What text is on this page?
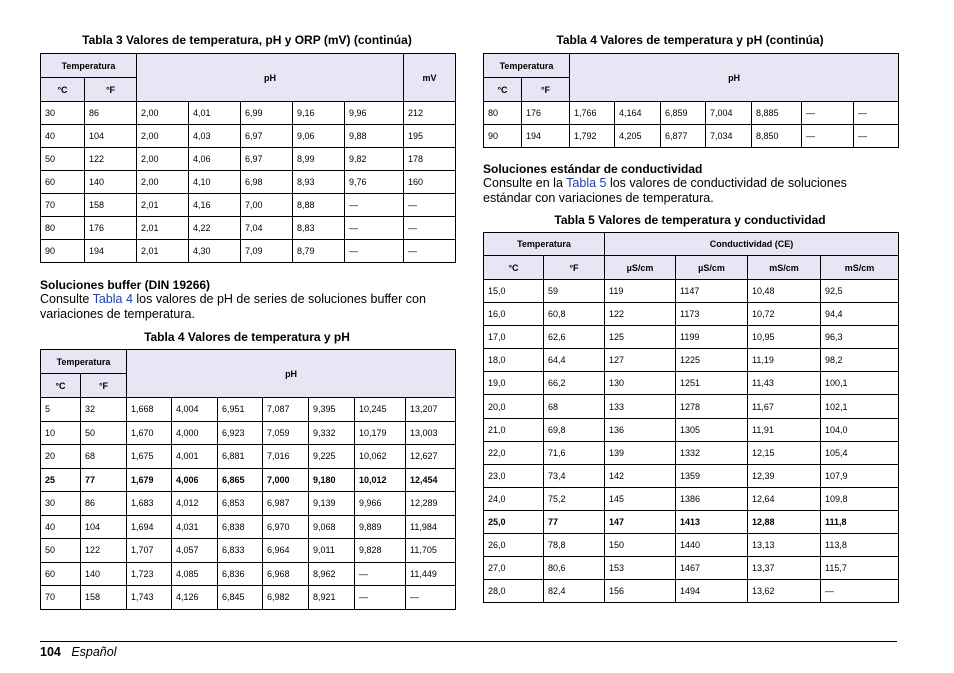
Tabla 3 Valores de temperatura, pH y ORP (mV) (continúa)
Temperatura		pH					mV
°C	°F						
30	86	2,00	4,01	6,99	9,16	9,96	212
40	104	2,00	4,03	6,97	9,06	9,88	195
50	122	2,00	4,06	6,97	8,99	9,82	178
60	140	2,00	4,10	6,98	8,93	9,76	160
70	158	2,01	4,16	7,00	8,88	—	—
80	176	2,01	4,22	7,04	8,83	—	—
90	194	2,01	4,30	7,09	8,79	—	—
Soluciones buffer (DIN 19266)
Consulte Tabla 4 los valores de pH de series de soluciones buffer con variaciones de temperatura.
Tabla 4 Valores de temperatura y pH
Temperatura		pH						
°C	°F							
5	32	1,668	4,004	6,951	7,087	9,395	10,245	13,207
10	50	1,670	4,000	6,923	7,059	9,332	10,179	13,003
20	68	1,675	4,001	6,881	7,016	9,225	10,062	12,627
25	77	1,679	4,006	6,865	7,000	9,180	10,012	12,454
30	86	1,683	4,012	6,853	6,987	9,139	9,966	12,289
40	104	1,694	4,031	6,838	6,970	9,068	9,889	11,984
50	122	1,707	4,057	6,833	6,964	9,011	9,828	11,705
60	140	1,723	4,085	6,836	6,968	8,962	—	11,449
70	158	1,743	4,126	6,845	6,982	8,921	—	—
Tabla 4 Valores de temperatura y pH (continúa)
Temperatura		pH						
°C	°F							
80	176	1,766	4,164	6,859	7,004	8,885	—	—
90	194	1,792	4,205	6,877	7,034	8,850	—	—
Soluciones estándar de conductividad
Consulte en la Tabla 5 los valores de conductividad de soluciones estándar con variaciones de temperatura.
Tabla 5 Valores de temperatura y conductividad
Temperatura		Conductividad (CE)			
°C	°F	µS/cm	µS/cm	mS/cm	mS/cm
15,0	59	119	1147	10,48	92,5
16,0	60,8	122	1173	10,72	94,4
17,0	62,6	125	1199	10,95	96,3
18,0	64,4	127	1225	11,19	98,2
19,0	66,2	130	1251	11,43	100,1
20,0	68	133	1278	11,67	102,1
21,0	69,8	136	1305	11,91	104,0
22,0	71,6	139	1332	12,15	105,4
23,0	73,4	142	1359	12,39	107,9
24,0	75,2	145	1386	12,64	109,8
25,0	77	147	1413	12,88	111,8
26,0	78,8	150	1440	13,13	113,8
27,0	80,6	153	1467	13,37	115,7
28,0	82,4	156	1494	13,62	—
104 Español
